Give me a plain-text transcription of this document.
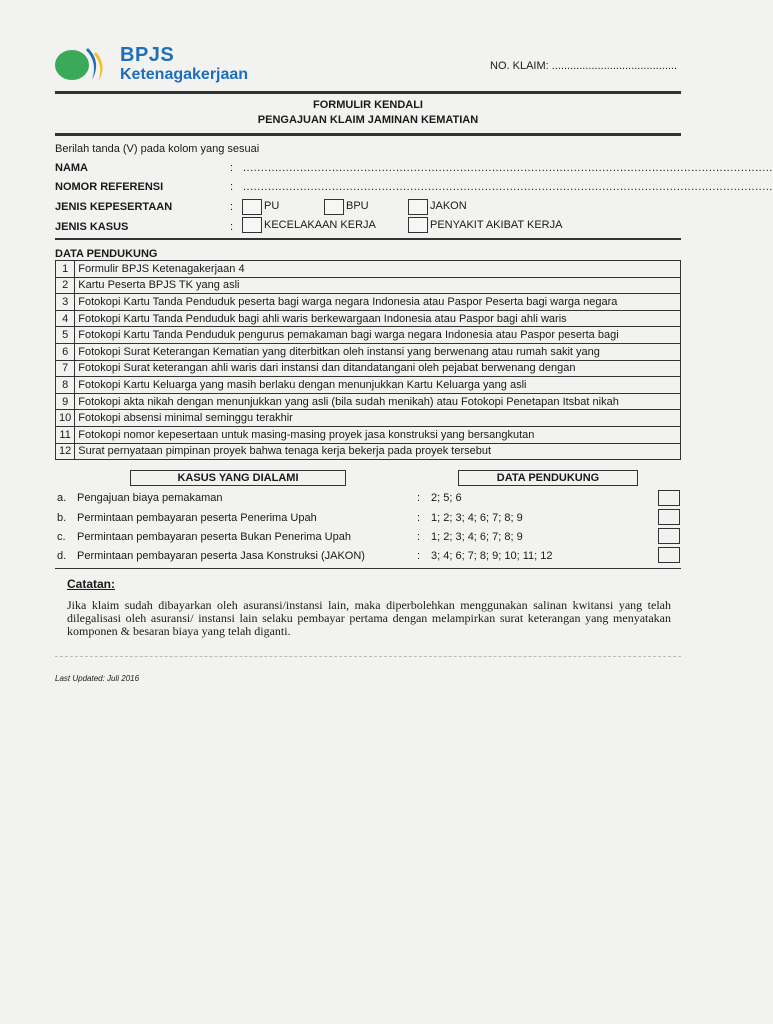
BPJS
Ketenagakerjaan	NO. KLAIM: .........................................
FORMULIR KENDALI
PENGAJUAN KLAIM JAMINAN KEMATIAN
Berilah tanda (V) pada kolom yang sesuai
NAMA	: .....................................................................................................................................................
NOMOR REFERENSI	: .....................................................................................................................................................
JENIS KEPESERTAAN	:	PU	BPU	JAKON
JENIS KASUS	:	KECELAKAAN KERJA	PENYAKIT AKIBAT KERJA
DATA PENDUKUNG
1	Formulir BPJS Ketenagakerjaan 4
2	Kartu Peserta BPJS TK yang asli
3	Fotokopi Kartu Tanda Penduduk peserta bagi warga negara Indonesia atau Paspor Peserta bagi warga negara
4	Fotokopi Kartu Tanda Penduduk bagi ahli waris berkewargaan Indonesia atau Paspor bagi ahli waris
5	Fotokopi Kartu Tanda Penduduk pengurus pemakaman bagi warga negara Indonesia atau Paspor peserta bagi
6	Fotokopi Surat Keterangan Kematian yang diterbitkan oleh instansi yang berwenang atau rumah sakit yang
7	Fotokopi Surat keterangan ahli waris dari instansi dan ditandatangani oleh pejabat berwenang dengan
8	Fotokopi Kartu Keluarga yang masih berlaku dengan menunjukkan Kartu Keluarga yang asli
9	Fotokopi akta nikah dengan menunjukkan yang asli (bila sudah menikah) atau Fotokopi Penetapan Itsbat nikah
10	Fotokopi absensi minimal seminggu terakhir
11	Fotokopi nomor kepesertaan untuk masing-masing proyek jasa konstruksi yang bersangkutan
12	Surat pernyataan pimpinan proyek bahwa tenaga kerja bekerja pada proyek tersebut
KASUS YANG DIALAMI	DATA PENDUKUNG
a. Pengajuan biaya pemakaman	: 2; 5; 6
b. Permintaan pembayaran peserta Penerima Upah	: 1; 2; 3; 4; 6; 7; 8; 9
c. Permintaan pembayaran peserta Bukan Penerima Upah	: 1; 2; 3; 4; 6; 7; 8; 9
d. Permintaan pembayaran peserta Jasa Konstruksi (JAKON)	: 3; 4; 6; 7; 8; 9; 10; 11; 12
Catatan:
Jika klaim sudah dibayarkan oleh asuransi/instansi lain, maka diperbolehkan menggunakan salinan kwitansi yang telah dilegalisasi oleh asuransi/ instansi lain selaku pembayar pertama dengan melampirkan surat keterangan yang menyatakan komponen & besaran biaya yang telah diganti.
Last Updated: Juli 2016
